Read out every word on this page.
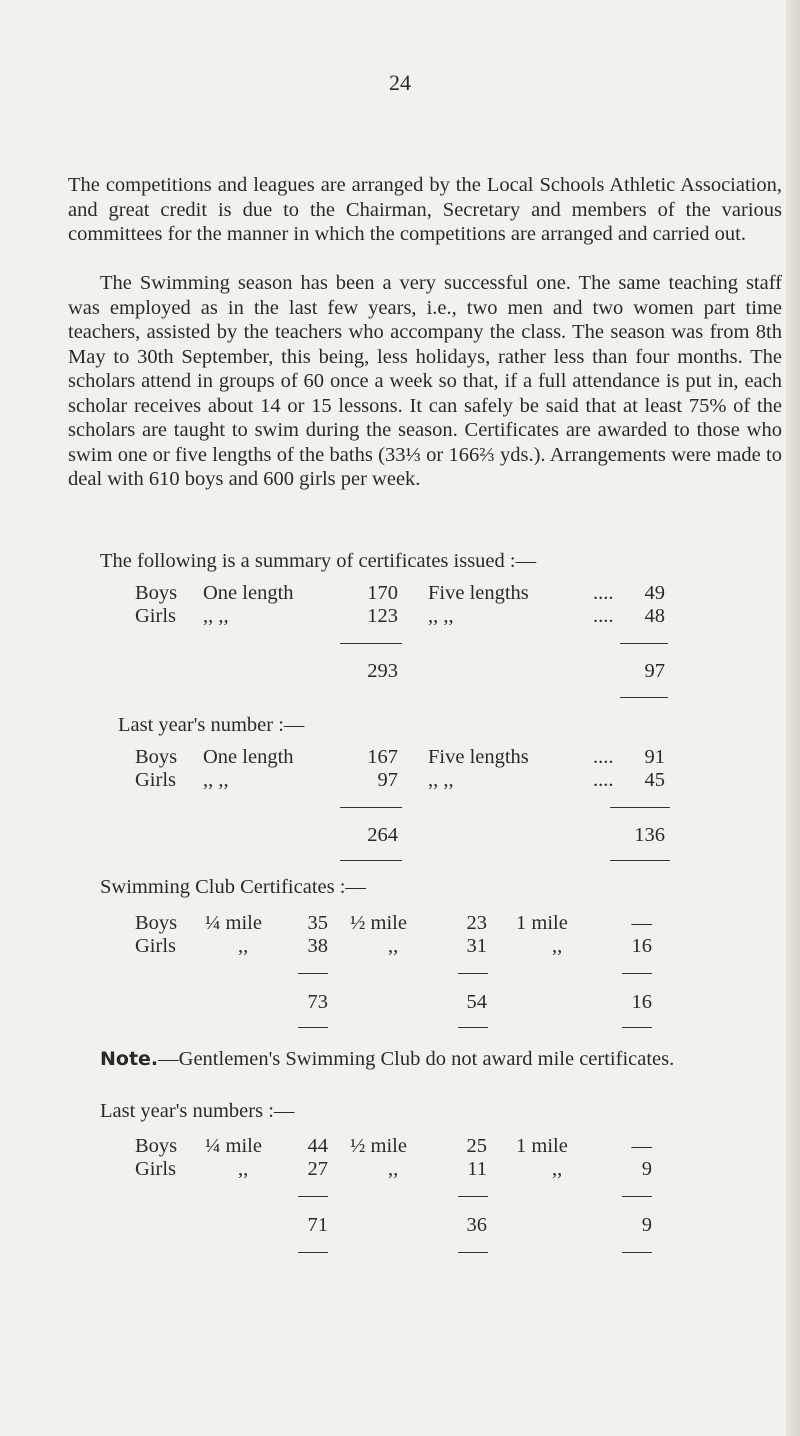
24

The competitions and leagues are arranged by the Local Schools Athletic Association, and great credit is due to the Chairman, Secretary and members of the various committees for the manner in which the competitions are arranged and carried out.

The Swimming season has been a very successful one. The same teaching staff was employed as in the last few years, i.e., two men and two women part time teachers, assisted by the teachers who accompany the class. The season was from 8th May to 30th September, this being, less holidays, rather less than four months. The scholars attend in groups of 60 once a week so that, if a full attendance is put in, each scholar receives about 14 or 15 lessons. It can safely be said that at least 75% of the scholars are taught to swim during the season. Certificates are awarded to those who swim one or five lengths of the baths (33⅓ or 166⅔ yds.). Arrangements were made to deal with 610 boys and 600 girls per week.

The following is a summary of certificates issued :—
Boys One length	170 Five lengths	....	49
Girls ,, ,,	123 ,, ,,	....	48
293	97
Last year's number :—
Boys One length	167 Five lengths	....	91
Girls ,, ,,	97 ,, ,,	....	45
264	136
Swimming Club Certificates :—
Boys ¼ mile	35 ½ mile	23 1 mile	—
Girls	,,	38	,,	31	,,	16
73	54	16
Note.—Gentlemen's Swimming Club do not award mile certificates.
Last year's numbers :—
Boys ¼ mile	44 ½ mile	25 1 mile	—
Girls	,,	27	,,	11	,,	9
71	36	9
